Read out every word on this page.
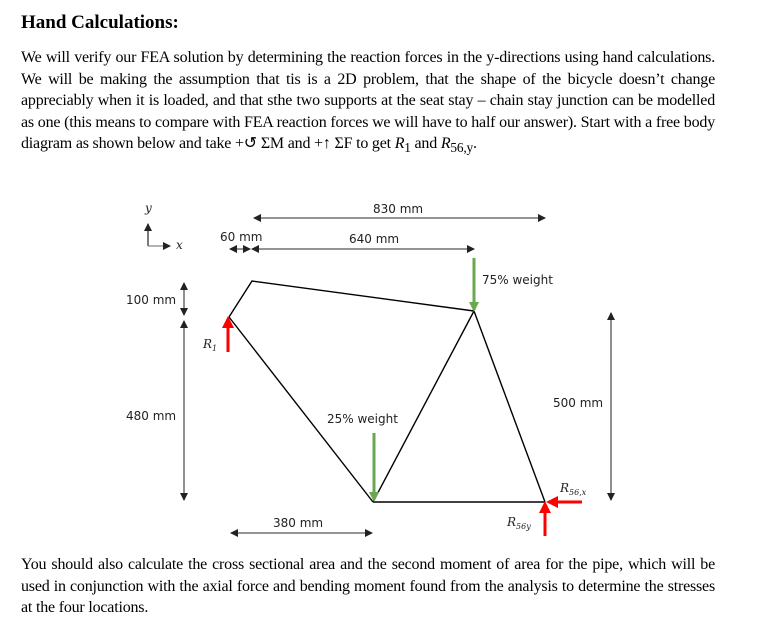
Hand Calculations:

We will verify our FEA solution by determining the reaction forces in the y-directions using hand calculations. We will be making the assumption that tis is a 2D problem, that the shape of the bicycle doesn’t change appreciably when it is loaded, and that sthe two supports at the seat stay – chain stay junction can be modelled as one (this means to compare with FEA reaction forces we will have to half our answer). Start with a free body diagram as shown below and take +↺ ΣM and +↑ ΣF to get $R_1$ and $R_{56,y}$.

y
x
830 mm
60 mm	640 mm
100 mm
480 mm
500 mm
380 mm
75% weight
25% weight
$R_1$
$R_{56y}$
$R_{56,x}$

You should also calculate the cross sectional area and the second moment of area for the pipe, which will be used in conjunction with the axial force and bending moment found from the analysis to determine the stresses at the four locations.
